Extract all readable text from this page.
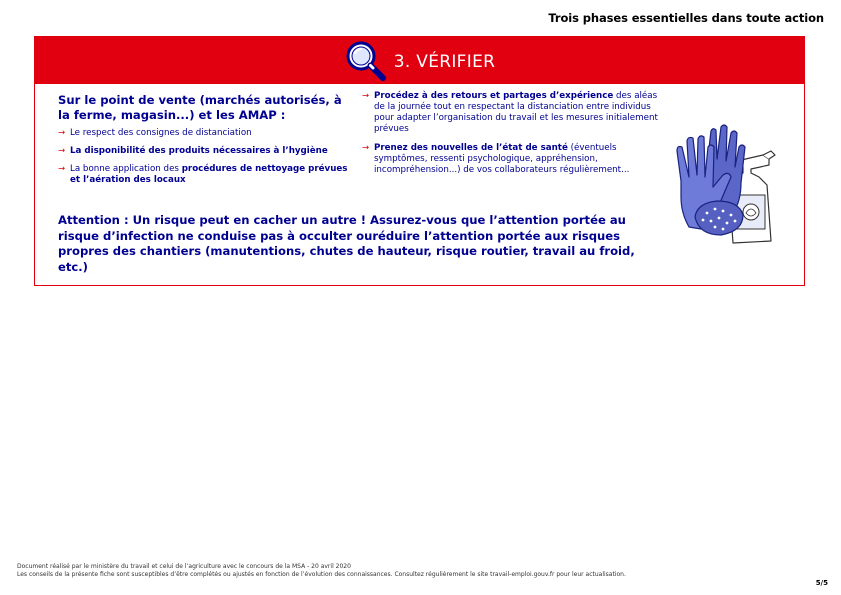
Trois phases essentielles dans toute action
3. VÉRIFIER

Sur le point de vente (marchés autorisés, à la ferme, magasin...) et les AMAP :

→ Le respect des consignes de distanciation
→ La disponibilité des produits nécessaires à l’hygiène
→ La bonne application des procédures de nettoyage prévues et l’aération des locaux
→ Procédez à des retours et partages d’expérience des aléas de la journée tout en respectant la distanciation entre individus pour adapter l’organisation du travail et les mesures initialement prévues
→ Prenez des nouvelles de l’état de santé (éventuels symptômes, ressenti psychologique, appréhension, incompréhension...) de vos collaborateurs régulièrement...
Attention : Un risque peut en cacher un autre ! Assurez-vous que l’attention portée au risque d’infection ne conduise pas à occulter ouréduire l’attention portée aux risques propres des chantiers (manutentions, chutes de hauteur, risque routier, travail au froid, etc.)
Document réalisé par le ministère du travail et celui de l’agriculture avec le concours de la MSA - 20 avril 2020
Les conseils de la présente fiche sont susceptibles d’être complétés ou ajustés en fonction de l’évolution des connaissances. Consultez régulièrement le site travail-emploi.gouv.fr pour leur actualisation.
5/5
